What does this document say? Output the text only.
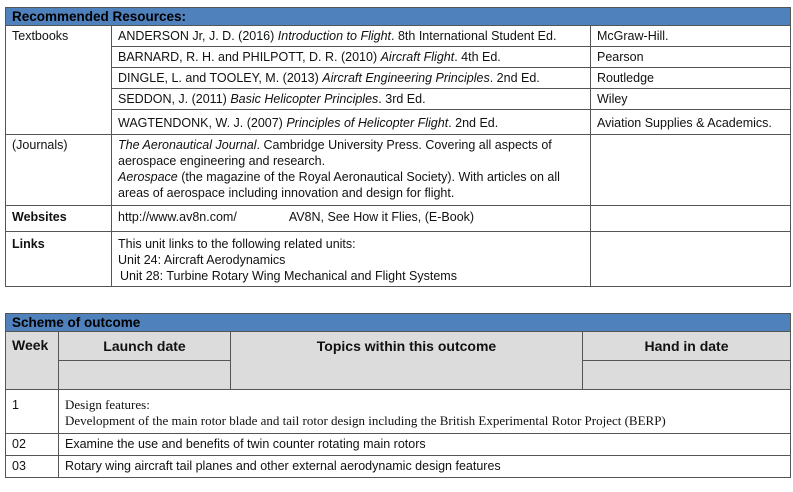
Recommended Resources:		
Textbooks	ANDERSON Jr, J. D. (2016) Introduction to Flight. 8th International Student Ed.	McGraw-Hill.
	BARNARD, R. H. and PHILPOTT, D. R. (2010) Aircraft Flight. 4th Ed.	Pearson
	DINGLE, L. and TOOLEY, M. (2013) Aircraft Engineering Principles. 2nd Ed.	Routledge
	SEDDON, J. (2011) Basic Helicopter Principles. 3rd Ed.	Wiley
	WAGTENDONK, W. J. (2007) Principles of Helicopter Flight. 2nd Ed.	Aviation Supplies & Academics.
(Journals)	The Aeronautical Journal. Cambridge University Press. Covering all aspects of aerospace engineering and research.
Aerospace (the magazine of the Royal Aeronautical Society). With articles on all areas of aerospace including innovation and design for flight.	

Websites	http://www.av8n.com/ AV8N, See How it Flies, (E-Book)	
Links	This unit links to the following related units:
Unit 24: Aircraft Aerodynamics
Unit 28: Turbine Rotary Wing Mechanical and Flight Systems	

Scheme of outcome			
Week	Launch date	Topics within this outcome	Hand in date

1	Design features:
Development of the main rotor blade and tail rotor design including the British Experimental Rotor Project (BERP)		

02	Examine the use and benefits of twin counter rotating main rotors		
03	Rotary wing aircraft tail planes and other external aerodynamic design features		
